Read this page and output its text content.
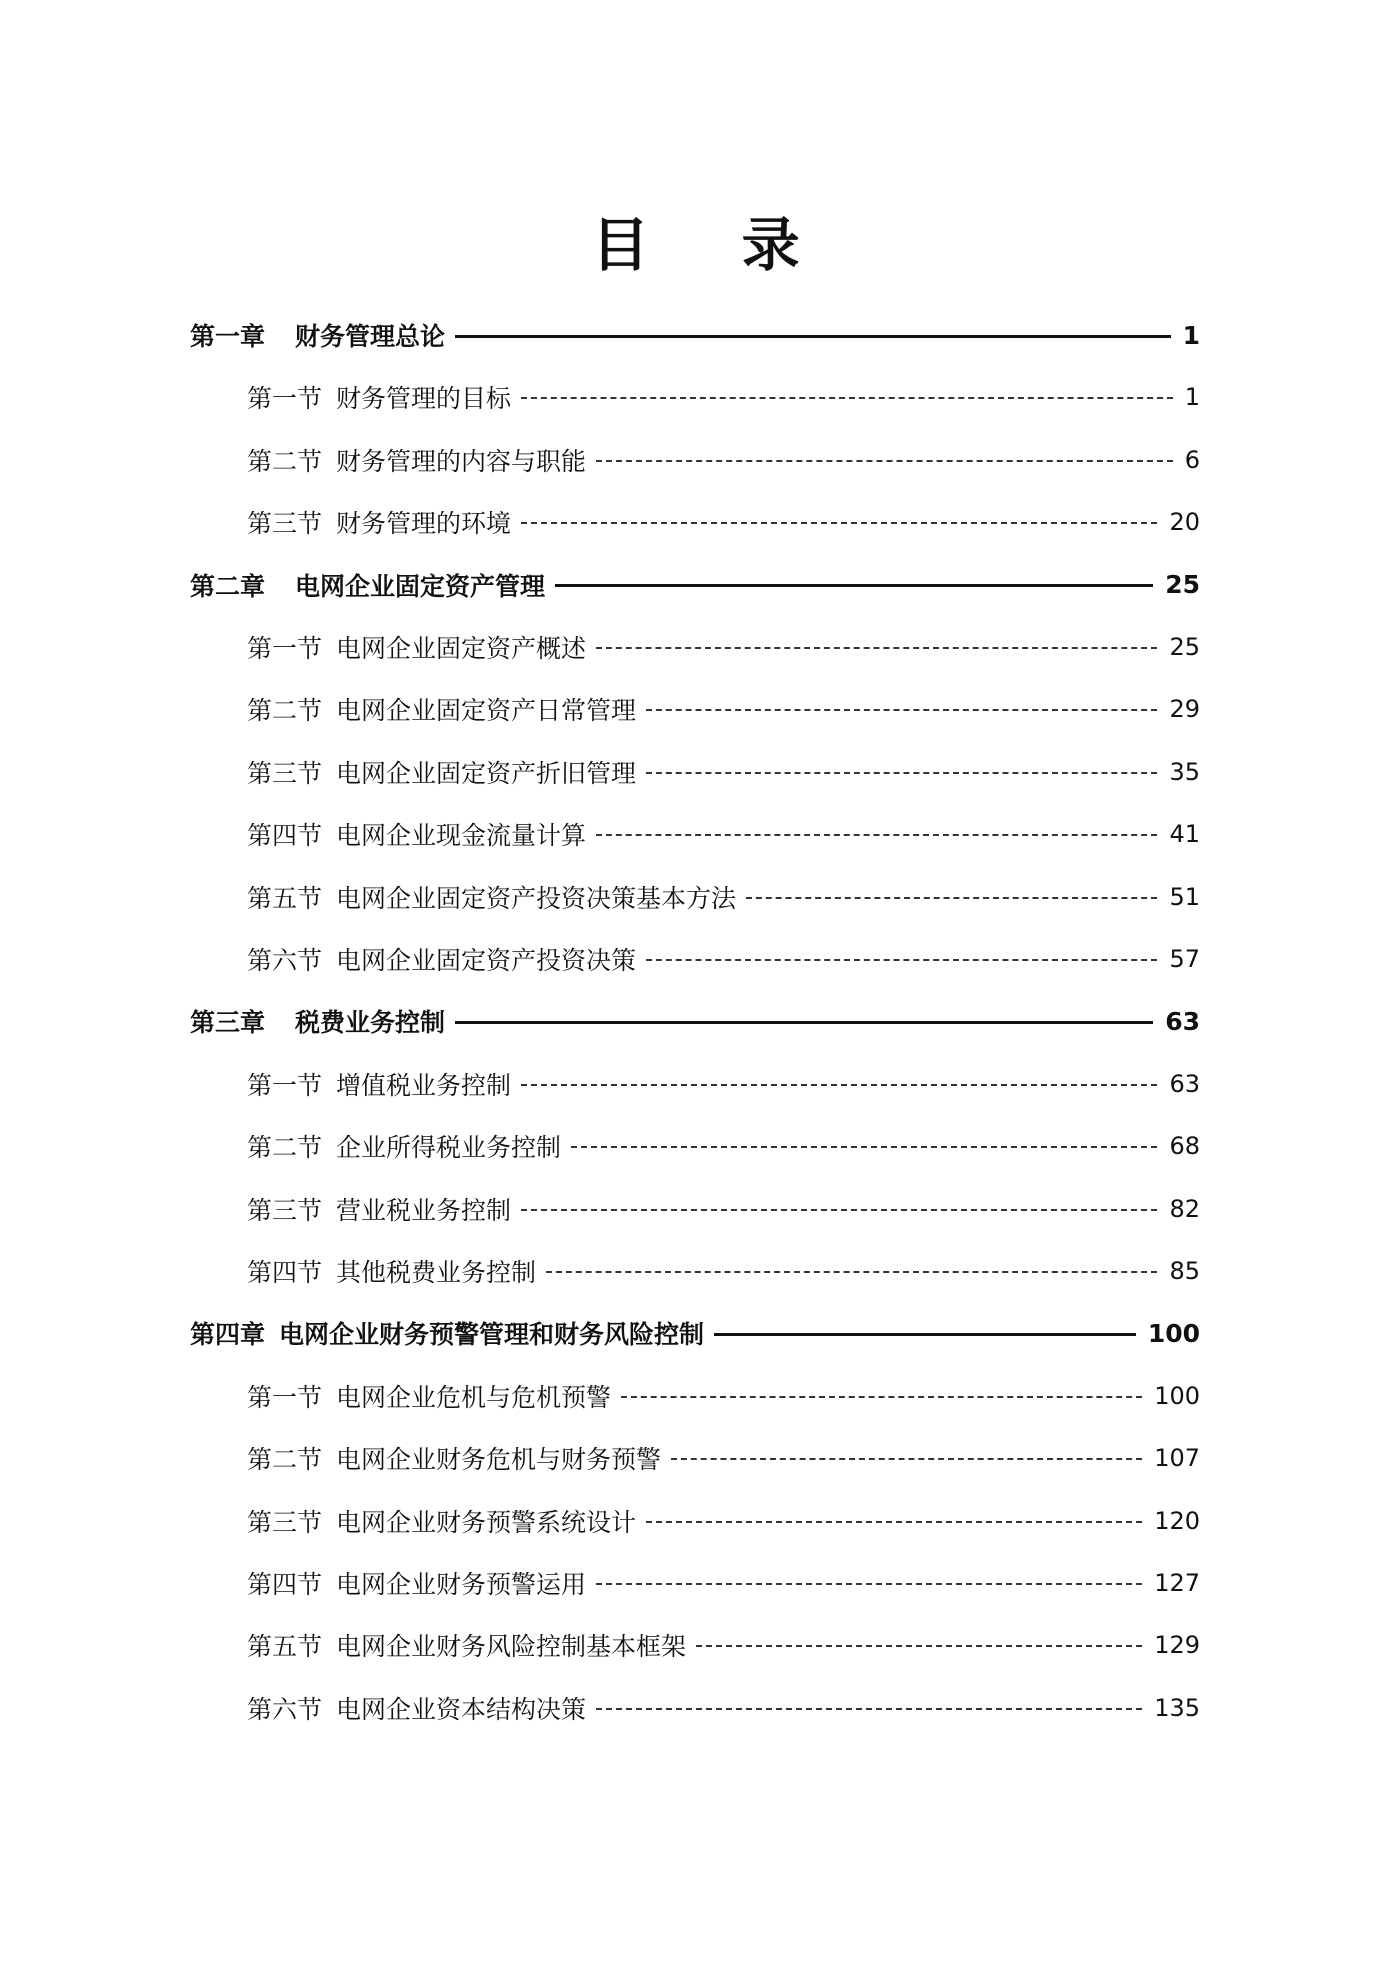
目 录
第一章 财务管理总论	1
第一节 财务管理的目标	1
第二节 财务管理的内容与职能	6
第三节 财务管理的环境	20
第二章 电网企业固定资产管理	25
第一节 电网企业固定资产概述	25
第二节 电网企业固定资产日常管理	29
第三节 电网企业固定资产折旧管理	35
第四节 电网企业现金流量计算	41
第五节 电网企业固定资产投资决策基本方法	51
第六节 电网企业固定资产投资决策	57
第三章 税费业务控制	63
第一节 增值税业务控制	63
第二节 企业所得税业务控制	68
第三节 营业税业务控制	82
第四节 其他税费业务控制	85
第四章 电网企业财务预警管理和财务风险控制	100
第一节 电网企业危机与危机预警	100
第二节 电网企业财务危机与财务预警	107
第三节 电网企业财务预警系统设计	120
第四节 电网企业财务预警运用	127
第五节 电网企业财务风险控制基本框架	129
第六节 电网企业资本结构决策	135
